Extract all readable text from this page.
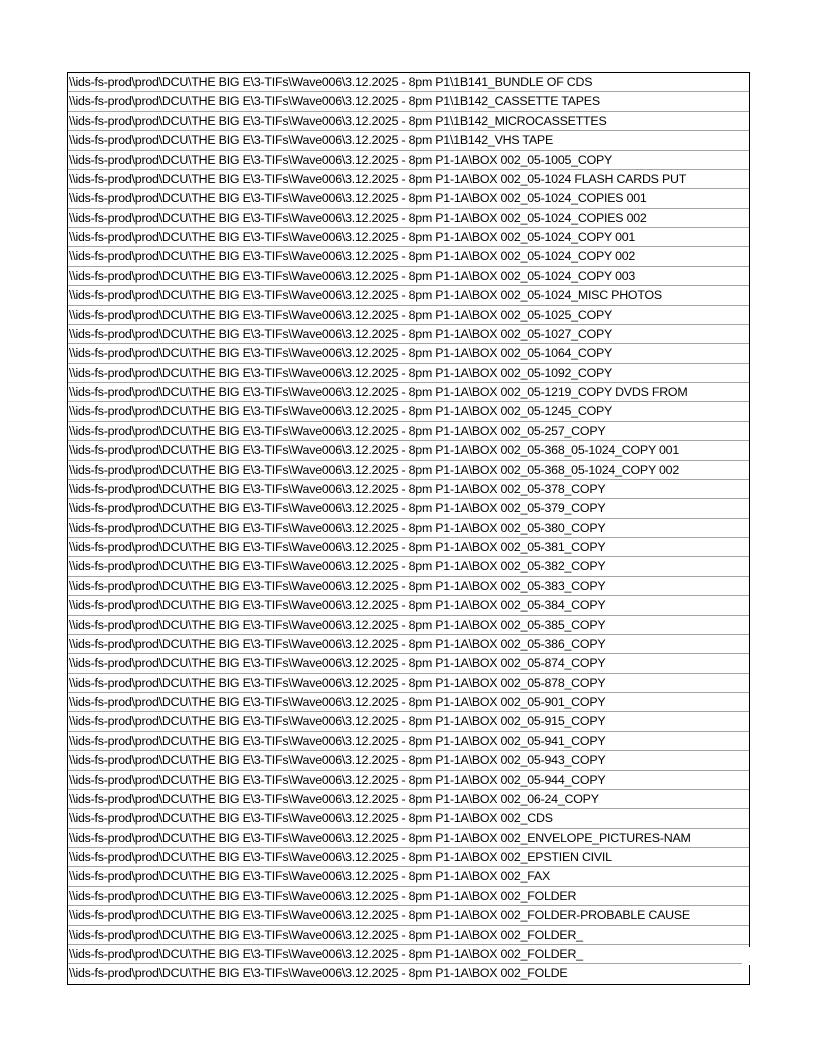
\\ids-fs-prod\prod\DCU\THE BIG E\3-TIFs\Wave006\3.12.2025 - 8pm P1\1B141_BUNDLE OF CDS
\\ids-fs-prod\prod\DCU\THE BIG E\3-TIFs\Wave006\3.12.2025 - 8pm P1\1B142_CASSETTE TAPES
\\ids-fs-prod\prod\DCU\THE BIG E\3-TIFs\Wave006\3.12.2025 - 8pm P1\1B142_MICROCASSETTES
\\ids-fs-prod\prod\DCU\THE BIG E\3-TIFs\Wave006\3.12.2025 - 8pm P1\1B142_VHS TAPE
\\ids-fs-prod\prod\DCU\THE BIG E\3-TIFs\Wave006\3.12.2025 - 8pm P1-1A\BOX 002_05-1005_COPY
\\ids-fs-prod\prod\DCU\THE BIG E\3-TIFs\Wave006\3.12.2025 - 8pm P1-1A\BOX 002_05-1024 FLASH CARDS PUT
\\ids-fs-prod\prod\DCU\THE BIG E\3-TIFs\Wave006\3.12.2025 - 8pm P1-1A\BOX 002_05-1024_COPIES 001
\\ids-fs-prod\prod\DCU\THE BIG E\3-TIFs\Wave006\3.12.2025 - 8pm P1-1A\BOX 002_05-1024_COPIES 002
\\ids-fs-prod\prod\DCU\THE BIG E\3-TIFs\Wave006\3.12.2025 - 8pm P1-1A\BOX 002_05-1024_COPY 001
\\ids-fs-prod\prod\DCU\THE BIG E\3-TIFs\Wave006\3.12.2025 - 8pm P1-1A\BOX 002_05-1024_COPY 002
\\ids-fs-prod\prod\DCU\THE BIG E\3-TIFs\Wave006\3.12.2025 - 8pm P1-1A\BOX 002_05-1024_COPY 003
\\ids-fs-prod\prod\DCU\THE BIG E\3-TIFs\Wave006\3.12.2025 - 8pm P1-1A\BOX 002_05-1024_MISC PHOTOS
\\ids-fs-prod\prod\DCU\THE BIG E\3-TIFs\Wave006\3.12.2025 - 8pm P1-1A\BOX 002_05-1025_COPY
\\ids-fs-prod\prod\DCU\THE BIG E\3-TIFs\Wave006\3.12.2025 - 8pm P1-1A\BOX 002_05-1027_COPY
\\ids-fs-prod\prod\DCU\THE BIG E\3-TIFs\Wave006\3.12.2025 - 8pm P1-1A\BOX 002_05-1064_COPY
\\ids-fs-prod\prod\DCU\THE BIG E\3-TIFs\Wave006\3.12.2025 - 8pm P1-1A\BOX 002_05-1092_COPY
\\ids-fs-prod\prod\DCU\THE BIG E\3-TIFs\Wave006\3.12.2025 - 8pm P1-1A\BOX 002_05-1219_COPY DVDS FROM
\\ids-fs-prod\prod\DCU\THE BIG E\3-TIFs\Wave006\3.12.2025 - 8pm P1-1A\BOX 002_05-1245_COPY
\\ids-fs-prod\prod\DCU\THE BIG E\3-TIFs\Wave006\3.12.2025 - 8pm P1-1A\BOX 002_05-257_COPY
\\ids-fs-prod\prod\DCU\THE BIG E\3-TIFs\Wave006\3.12.2025 - 8pm P1-1A\BOX 002_05-368_05-1024_COPY 001
\\ids-fs-prod\prod\DCU\THE BIG E\3-TIFs\Wave006\3.12.2025 - 8pm P1-1A\BOX 002_05-368_05-1024_COPY 002
\\ids-fs-prod\prod\DCU\THE BIG E\3-TIFs\Wave006\3.12.2025 - 8pm P1-1A\BOX 002_05-378_COPY
\\ids-fs-prod\prod\DCU\THE BIG E\3-TIFs\Wave006\3.12.2025 - 8pm P1-1A\BOX 002_05-379_COPY
\\ids-fs-prod\prod\DCU\THE BIG E\3-TIFs\Wave006\3.12.2025 - 8pm P1-1A\BOX 002_05-380_COPY
\\ids-fs-prod\prod\DCU\THE BIG E\3-TIFs\Wave006\3.12.2025 - 8pm P1-1A\BOX 002_05-381_COPY
\\ids-fs-prod\prod\DCU\THE BIG E\3-TIFs\Wave006\3.12.2025 - 8pm P1-1A\BOX 002_05-382_COPY
\\ids-fs-prod\prod\DCU\THE BIG E\3-TIFs\Wave006\3.12.2025 - 8pm P1-1A\BOX 002_05-383_COPY
\\ids-fs-prod\prod\DCU\THE BIG E\3-TIFs\Wave006\3.12.2025 - 8pm P1-1A\BOX 002_05-384_COPY
\\ids-fs-prod\prod\DCU\THE BIG E\3-TIFs\Wave006\3.12.2025 - 8pm P1-1A\BOX 002_05-385_COPY
\\ids-fs-prod\prod\DCU\THE BIG E\3-TIFs\Wave006\3.12.2025 - 8pm P1-1A\BOX 002_05-386_COPY
\\ids-fs-prod\prod\DCU\THE BIG E\3-TIFs\Wave006\3.12.2025 - 8pm P1-1A\BOX 002_05-874_COPY
\\ids-fs-prod\prod\DCU\THE BIG E\3-TIFs\Wave006\3.12.2025 - 8pm P1-1A\BOX 002_05-878_COPY
\\ids-fs-prod\prod\DCU\THE BIG E\3-TIFs\Wave006\3.12.2025 - 8pm P1-1A\BOX 002_05-901_COPY
\\ids-fs-prod\prod\DCU\THE BIG E\3-TIFs\Wave006\3.12.2025 - 8pm P1-1A\BOX 002_05-915_COPY
\\ids-fs-prod\prod\DCU\THE BIG E\3-TIFs\Wave006\3.12.2025 - 8pm P1-1A\BOX 002_05-941_COPY
\\ids-fs-prod\prod\DCU\THE BIG E\3-TIFs\Wave006\3.12.2025 - 8pm P1-1A\BOX 002_05-943_COPY
\\ids-fs-prod\prod\DCU\THE BIG E\3-TIFs\Wave006\3.12.2025 - 8pm P1-1A\BOX 002_05-944_COPY
\\ids-fs-prod\prod\DCU\THE BIG E\3-TIFs\Wave006\3.12.2025 - 8pm P1-1A\BOX 002_06-24_COPY
\\ids-fs-prod\prod\DCU\THE BIG E\3-TIFs\Wave006\3.12.2025 - 8pm P1-1A\BOX 002_CDS
\\ids-fs-prod\prod\DCU\THE BIG E\3-TIFs\Wave006\3.12.2025 - 8pm P1-1A\BOX 002_ENVELOPE_PICTURES-NAM
\\ids-fs-prod\prod\DCU\THE BIG E\3-TIFs\Wave006\3.12.2025 - 8pm P1-1A\BOX 002_EPSTIEN CIVIL
\\ids-fs-prod\prod\DCU\THE BIG E\3-TIFs\Wave006\3.12.2025 - 8pm P1-1A\BOX 002_FAX
\\ids-fs-prod\prod\DCU\THE BIG E\3-TIFs\Wave006\3.12.2025 - 8pm P1-1A\BOX 002_FOLDER
\\ids-fs-prod\prod\DCU\THE BIG E\3-TIFs\Wave006\3.12.2025 - 8pm P1-1A\BOX 002_FOLDER-PROBABLE CAUSE
\\ids-fs-prod\prod\DCU\THE BIG E\3-TIFs\Wave006\3.12.2025 - 8pm P1-1A\BOX 002_FOLDER_
\\ids-fs-prod\prod\DCU\THE BIG E\3-TIFs\Wave006\3.12.2025 - 8pm P1-1A\BOX 002_FOLDER_
\\ids-fs-prod\prod\DCU\THE BIG E\3-TIFs\Wave006\3.12.2025 - 8pm P1-1A\BOX 002_FOLDE
